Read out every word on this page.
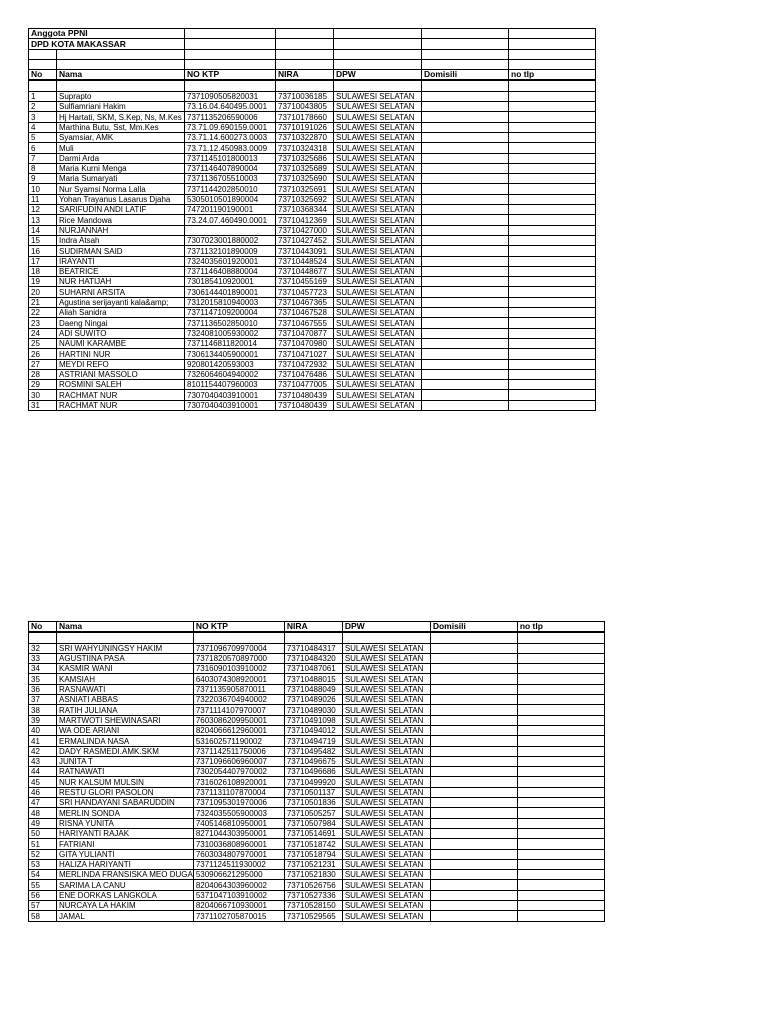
Anggota PPNI						
DPD KOTA MAKASSAR						

No	Nama	NO KTP	NIRA	DPW	Domisili	no tlp

1	Suprapto	7371090505820031	73710036185	SULAWESI SELATAN		
2	Sulfiamriani Hakim	73.16.04.640495.0001	73710043805	SULAWESI SELATAN		
3	Hj Hartati, SKM, S.Kep, Ns, M.Kes	7371135206590006	73710178660	SULAWESI SELATAN		
4	Marthina Butu, Sst, Mm.Kes	73.71.09.690159.0001	73710191026	SULAWESI SELATAN		
5	Syamsiar, AMK	73.71.14.600273.0003	73710322870	SULAWESI SELATAN		
6	Muli	73.71.12.450983.0009	73710324318	SULAWESI SELATAN		
7	Darmi Arda	7371145101800013	73710325686	SULAWESI SELATAN		
8	Maria Kurni Menga	7371146407890004	73710325689	SULAWESI SELATAN		
9	Maria Sumaryati	7371136705510003	73710325690	SULAWESI SELATAN		
10	Nur Syamsi Norma Lalla	7371144202850010	73710325691	SULAWESI SELATAN		
11	Yohan Trayanus Lasarus Djaha	5305010501890004	73710325692	SULAWESI SELATAN		
12	SARIFUDIN ANDI LATIF	747201190190001	73710368344	SULAWESI SELATAN		
13	Rice Mandowa	73.24.07.460490.0001	73710412369	SULAWESI SELATAN		
14	NURJANNAH		73710427000	SULAWESI SELATAN		
15	Indra Atsah	7307023001880002	73710427452	SULAWESI SELATAN		
16	SUDIRMAN SAID	7371132101890009	73710443091	SULAWESI SELATAN		
17	IRAYANTI	7324035601920001	73710448524	SULAWESI SELATAN		
18	BEATRICE	7371146408880004	73710448677	SULAWESI SELATAN		
19	NUR HATIJAH	730185410920001	73710455169	SULAWESI SELATAN		
20	SUHARNI ARSITA	7306144401890001	73710457723	SULAWESI SELATAN		
21	Agustina serijayanti kala&amp;	7312015810940003	73710467365	SULAWESI SELATAN		
22	Aliah Sanidra	7371147109200004	73710467528	SULAWESI SELATAN		
23	Daeng Ningai	7371136502850010	73710467555	SULAWESI SELATAN		
24	ADI SUWITO	7324081005930002	73710470877	SULAWESI SELATAN		
25	NAUMI KARAMBE	7371146811820014	73710470980	SULAWESI SELATAN		
26	HARTINI NUR	7306134405900001	73710471027	SULAWESI SELATAN		
27	MEYDI REFO	920801420593003	73710472932	SULAWESI SELATAN		
28	ASTRIANI MASSOLO	7326064604940002	73710476486	SULAWESI SELATAN		
29	ROSMINI SALEH	8101154407960003	73710477005	SULAWESI SELATAN		
30	RACHMAT NUR	7307040403910001	73710480439	SULAWESI SELATAN		
31	RACHMAT NUR	7307040403910001	73710480439	SULAWESI SELATAN		
No	Nama	NO KTP	NIRA	DPW	Domisili	no tlp

32	SRI WAHYUNINGSY HAKIM	7371096709970004	73710484317	SULAWESI SELATAN		
33	AGUSTIINA PASA	7371820570897000	73710484320	SULAWESI SELATAN		
34	KASMIR WANI	7316090103910002	73710487061	SULAWESI SELATAN		
35	KAMSIAH	6403074308920001	73710488015	SULAWESI SELATAN		
36	RASNAWATI	7371135905870011	73710488049	SULAWESI SELATAN		
37	ASNIATI ABBAS	7322036704940002	73710489026	SULAWESI SELATAN		
38	RATIH JULIANA	7371114107970007	73710489030	SULAWESI SELATAN		
39	MARTWOTI SHEWINASARI	7603086209950001	73710491098	SULAWESI SELATAN		
40	WA ODE ARIANI	8204066612960001	73710494012	SULAWESI SELATAN		
41	ERMALINDA NASA	531602571190002	73710494719	SULAWESI SELATAN		
42	DADY RASMEDI.AMK.SKM	7371142511750006	73710495482	SULAWESI SELATAN		
43	JUNITA T	7371096606960007	73710496675	SULAWESI SELATAN		
44	RATNAWATI	7302054407970002	73710496686	SULAWESI SELATAN		
45	NUR KALSUM MULSIN	7316026108920001	73710499920	SULAWESI SELATAN		
46	RESTU GLORI PASOLON	7371131107870004	73710501137	SULAWESI SELATAN		
47	SRI HANDAYANI SABARUDDIN	7371095301970006	73710501836	SULAWESI SELATAN		
48	MERLIN SONDA	7324035505900003	73710505257	SULAWESI SELATAN		
49	RISNA YUNITA	7405146810950001	73710507984	SULAWESI SELATAN		
50	HARIYANTI RAJAK	8271044303950001	73710514691	SULAWESI SELATAN		
51	FATRIANI	7310036808960001	73710518742	SULAWESI SELATAN		
52	GITA YULIANTI	7603034807970001	73710518794	SULAWESI SELATAN		
53	HALIZA HARIYANTI	7371124511930002	73710521231	SULAWESI SELATAN		
54	MERLINDA FRANSISKA MEO DUGA	530906621295000	73710521830	SULAWESI SELATAN		
55	SARIMA LA CANU	8204064303960002	73710526756	SULAWESI SELATAN		
56	ENE DORKAS LANGKOLA	5371047103910002	73710527336	SULAWESI SELATAN		
57	NURCAYA LA HAKIM	8204066710930001	73710528150	SULAWESI SELATAN		
58	JAMAL	7371102705870015	73710529565	SULAWESI SELATAN		
